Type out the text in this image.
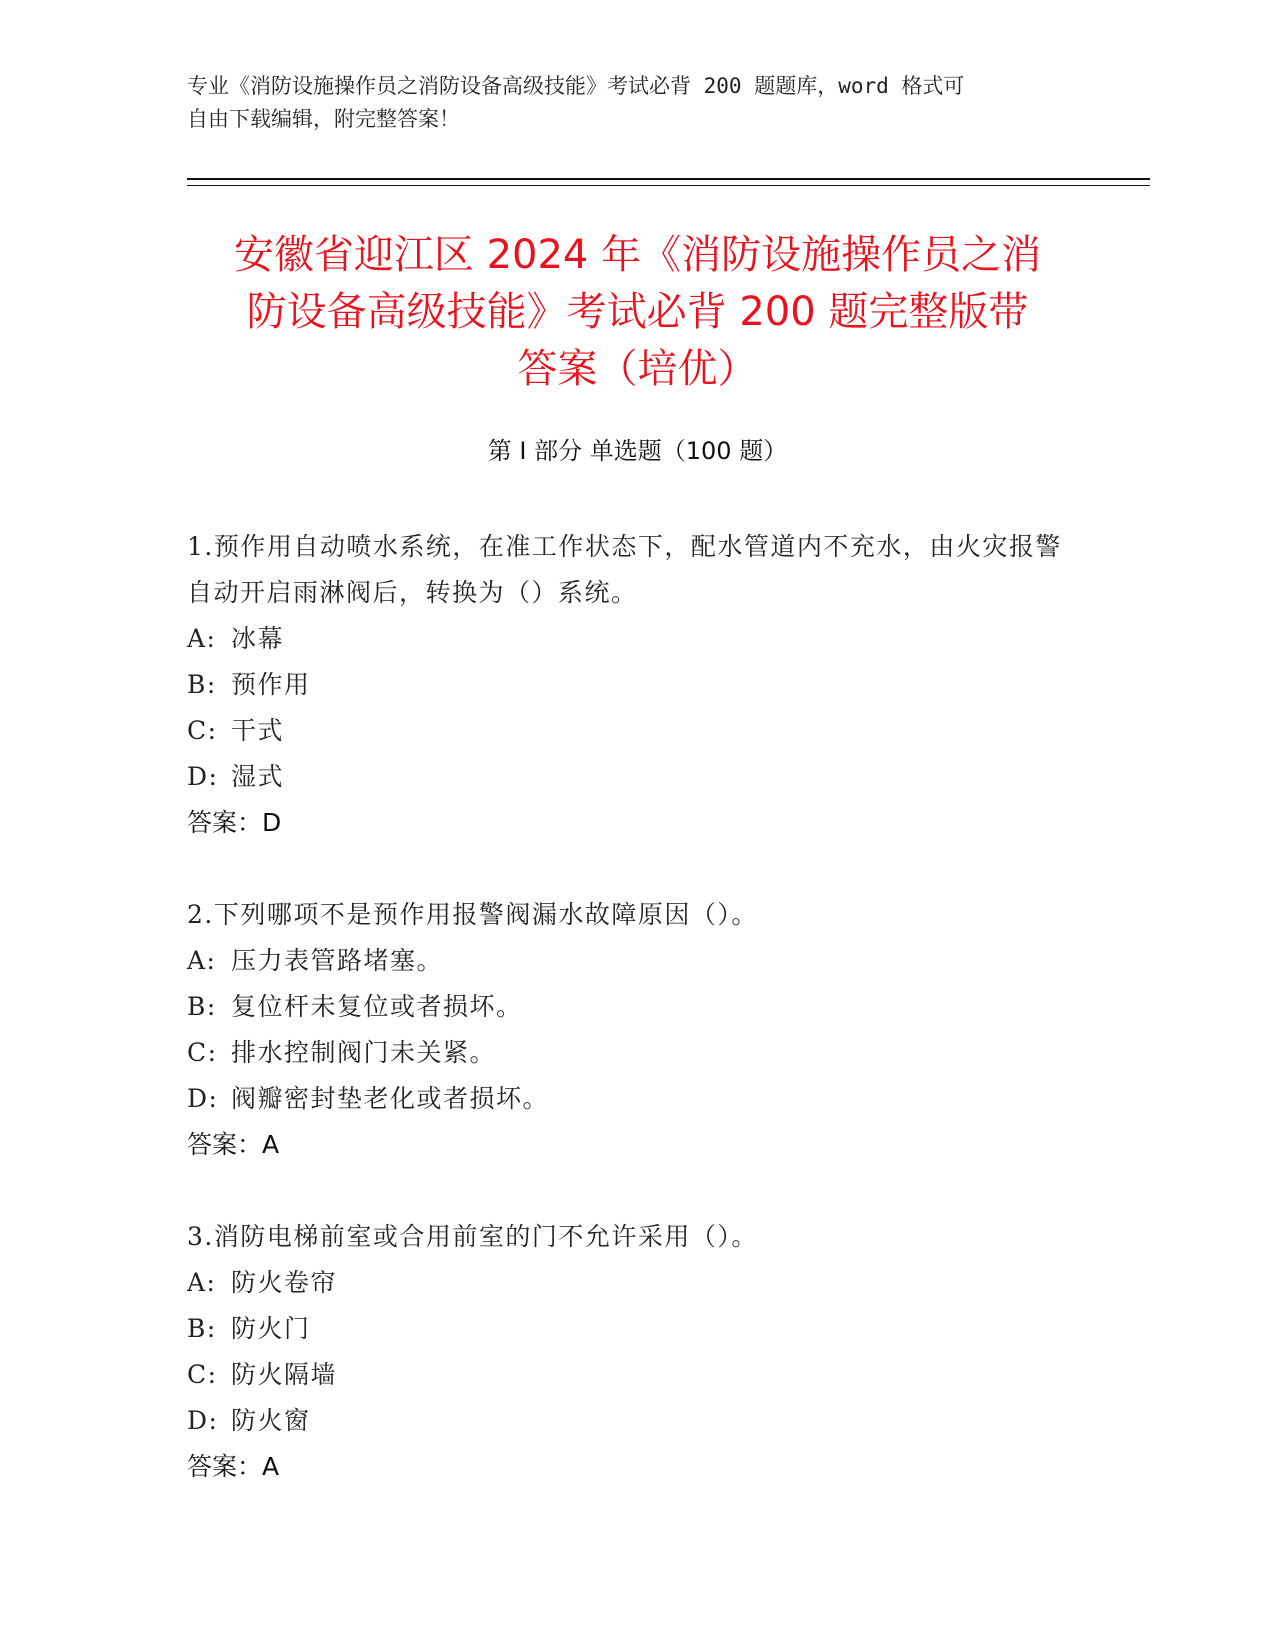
专业《消防设施操作员之消防设备高级技能》考试必背 200 题题库，word 格式可
自由下载编辑，附完整答案！
安徽省迎江区 2024 年《消防设施操作员之消
防设备高级技能》考试必背 200 题完整版带
答案（培优）
第 I 部分 单选题（100 题）
1.预作用自动喷水系统，在准工作状态下，配水管道内不充水，由火灾报警自动开启雨淋阀后，转换为（）系统。
A: 冰幕
B: 预作用
C: 干式
D: 湿式
答案：D
2.下列哪项不是预作用报警阀漏水故障原因（）。
A: 压力表管路堵塞。
B: 复位杆未复位或者损坏。
C: 排水控制阀门未关紧。
D: 阀瓣密封垫老化或者损坏。
答案：A
3.消防电梯前室或合用前室的门不允许采用（）。
A: 防火卷帘
B: 防火门
C: 防火隔墙
D: 防火窗
答案：A
